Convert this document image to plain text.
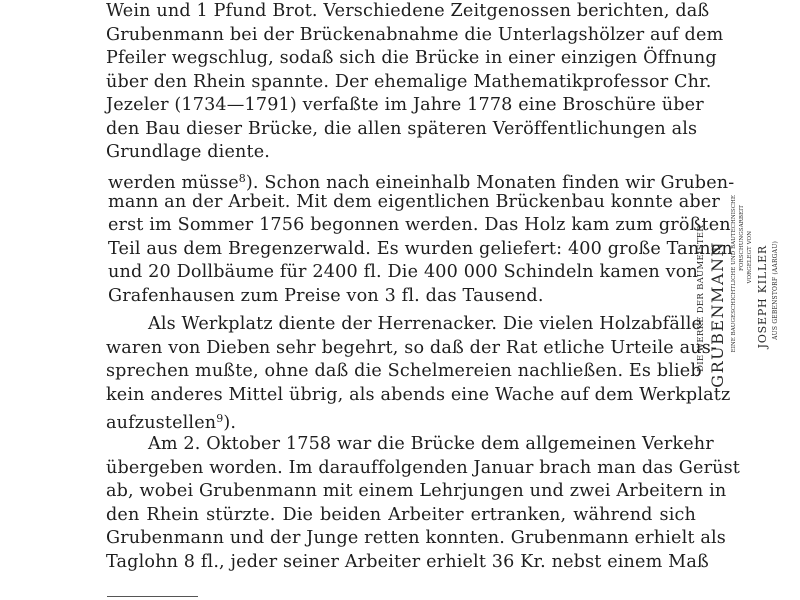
Wein und 1 Pfund Brot. Verschiedene Zeitgenossen berichten, daß
Grubenmann bei der Brückenabnahme die Unterlagshölzer auf dem
Pfeiler wegschlug, sodaß sich die Brücke in einer einzigen Öffnung
über den Rhein spannte. Der ehemalige Mathematikprofessor Chr.
Jezeler (1734—1791) verfaßte im Jahre 1778 eine Broschüre über
den Bau dieser Brücke, die allen späteren Veröffentlichungen als
Grundlage diente.
werden müsse$^8$). Schon nach eineinhalb Monaten finden wir Gruben-
mann an der Arbeit. Mit dem eigentlichen Brückenbau konnte aber
erst im Sommer 1756 begonnen werden. Das Holz kam zum größten
Teil aus dem Bregenzerwald. Es wurden geliefert: 400 große Tannen
und 20 Dollbäume für 2400 fl. Die 400 000 Schindeln kamen von
Grafenhausen zum Preise von 3 fl. das Tausend.
Als Werkplatz diente der Herrenacker. Die vielen Holzabfälle
waren von Dieben sehr begehrt, so daß der Rat etliche Urteile aus-
sprechen mußte, ohne daß die Schelmereien nachließen. Es blieb
kein anderes Mittel übrig, als abends eine Wache auf dem Werkplatz
aufzustellen$^9$).
Am 2. Oktober 1758 war die Brücke dem allgemeinen Verkehr
übergeben worden. Im darauffolgenden Januar brach man das Gerüst
ab, wobei Grubenmann mit einem Lehrjungen und zwei Arbeitern in
den Rhein stürzte. Die beiden Arbeiter ertranken, während sich
Grubenmann und der Junge retten konnten. Grubenmann erhielt als
Taglohn 8 fl., jeder seiner Arbeiter erhielt 36 Kr. nebst einem Maß
DIE WERKE DER BAUMEISTER GRUBENMANN EINE BAUGESCHICHTLICHE UND BAUTECHNISCHE FORSCHUNGSARBEIT VORGELEGT VON JOSEPH KILLER AUS GEBENSTORF (AARGAU)
